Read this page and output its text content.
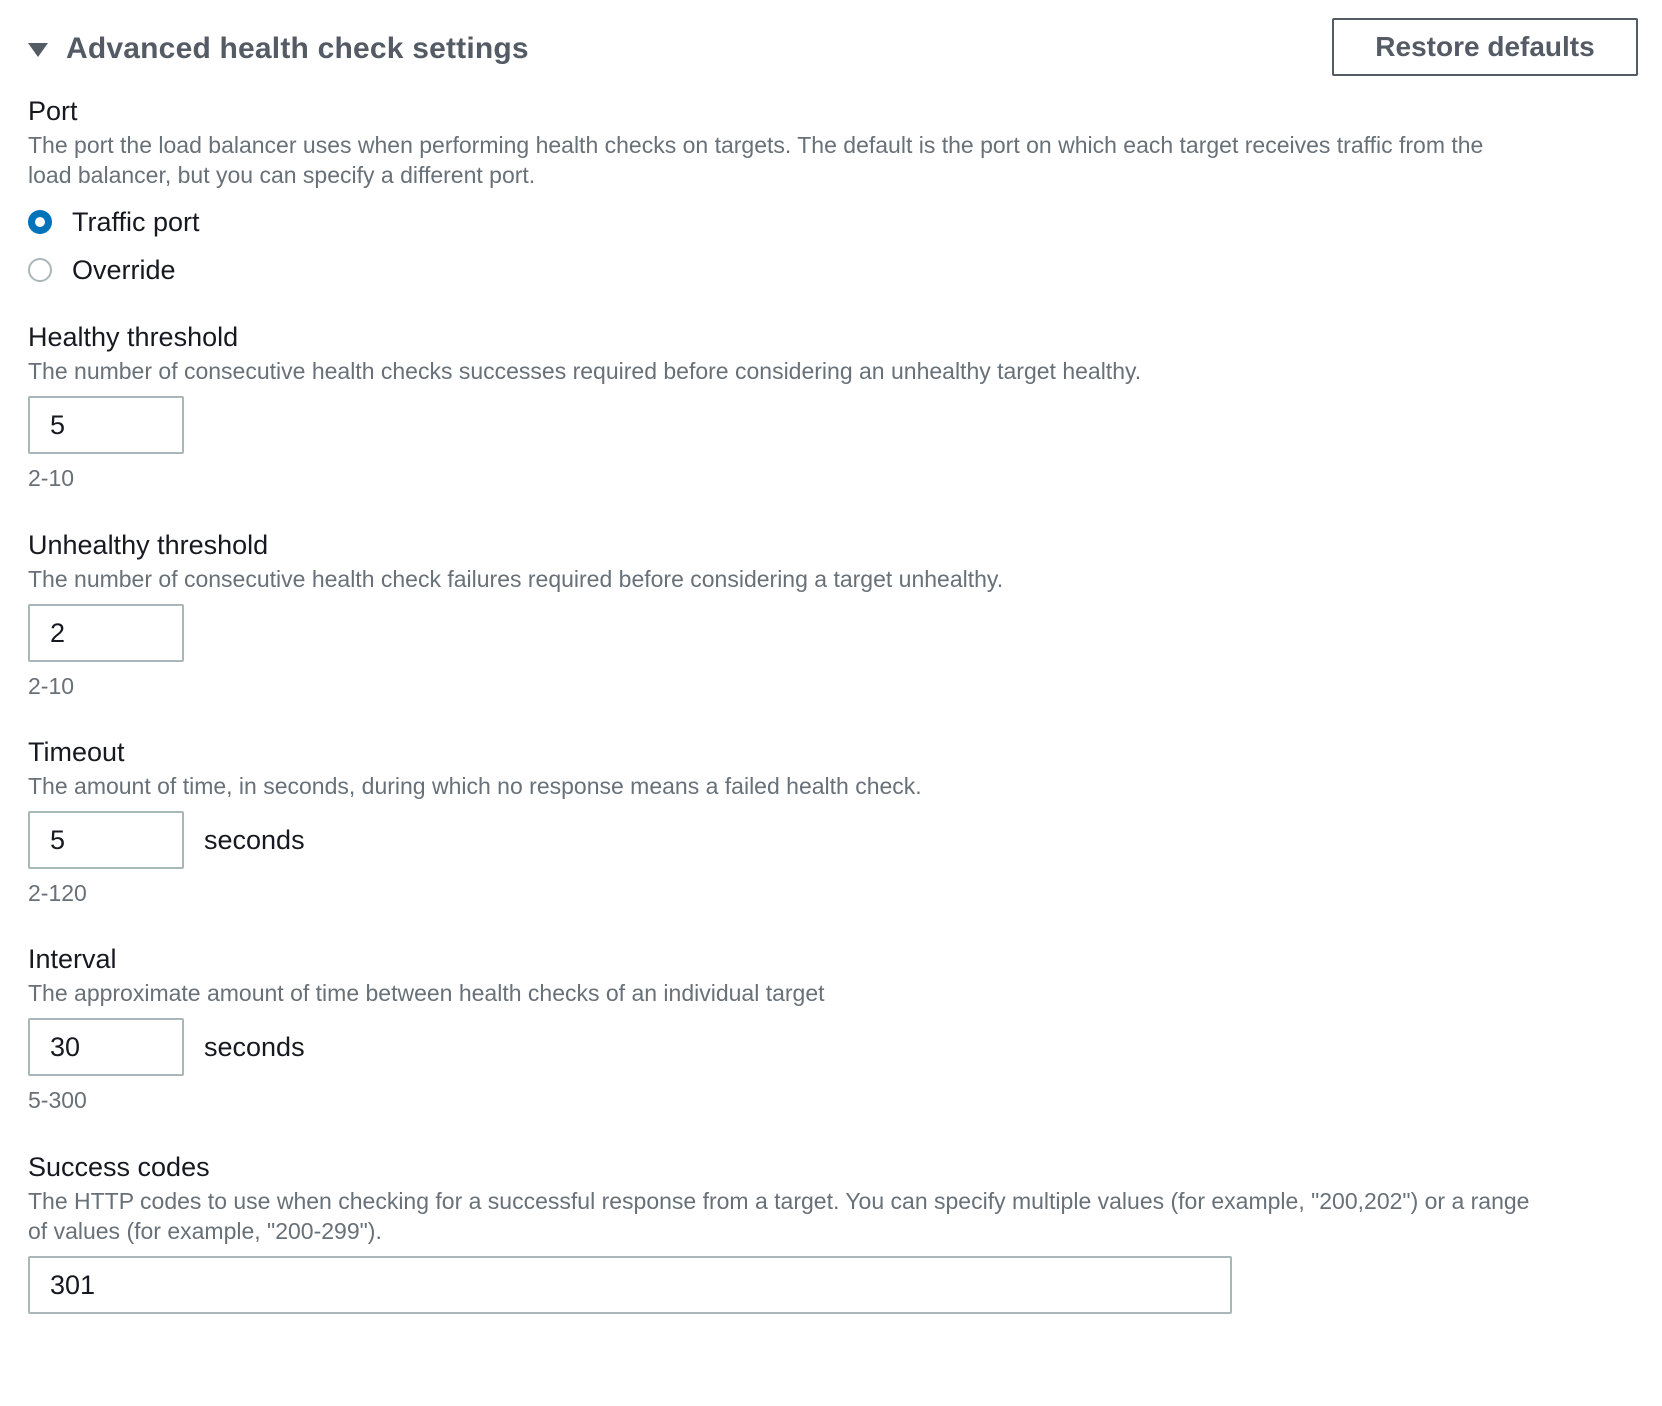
Advanced health check settings	Restore defaults
Port
The port the load balancer uses when performing health checks on targets. The default is the port on which each target receives traffic from the load balancer, but you can specify a different port.
Traffic port
Override
Healthy threshold
The number of consecutive health checks successes required before considering an unhealthy target healthy.
5
2-10
Unhealthy threshold
The number of consecutive health check failures required before considering a target unhealthy.
2
2-10
Timeout
The amount of time, in seconds, during which no response means a failed health check.
5
seconds
2-120
Interval
The approximate amount of time between health checks of an individual target
30
seconds
5-300
Success codes
The HTTP codes to use when checking for a successful response from a target. You can specify multiple values (for example, "200,202") or a range of values (for example, "200-299").
301
